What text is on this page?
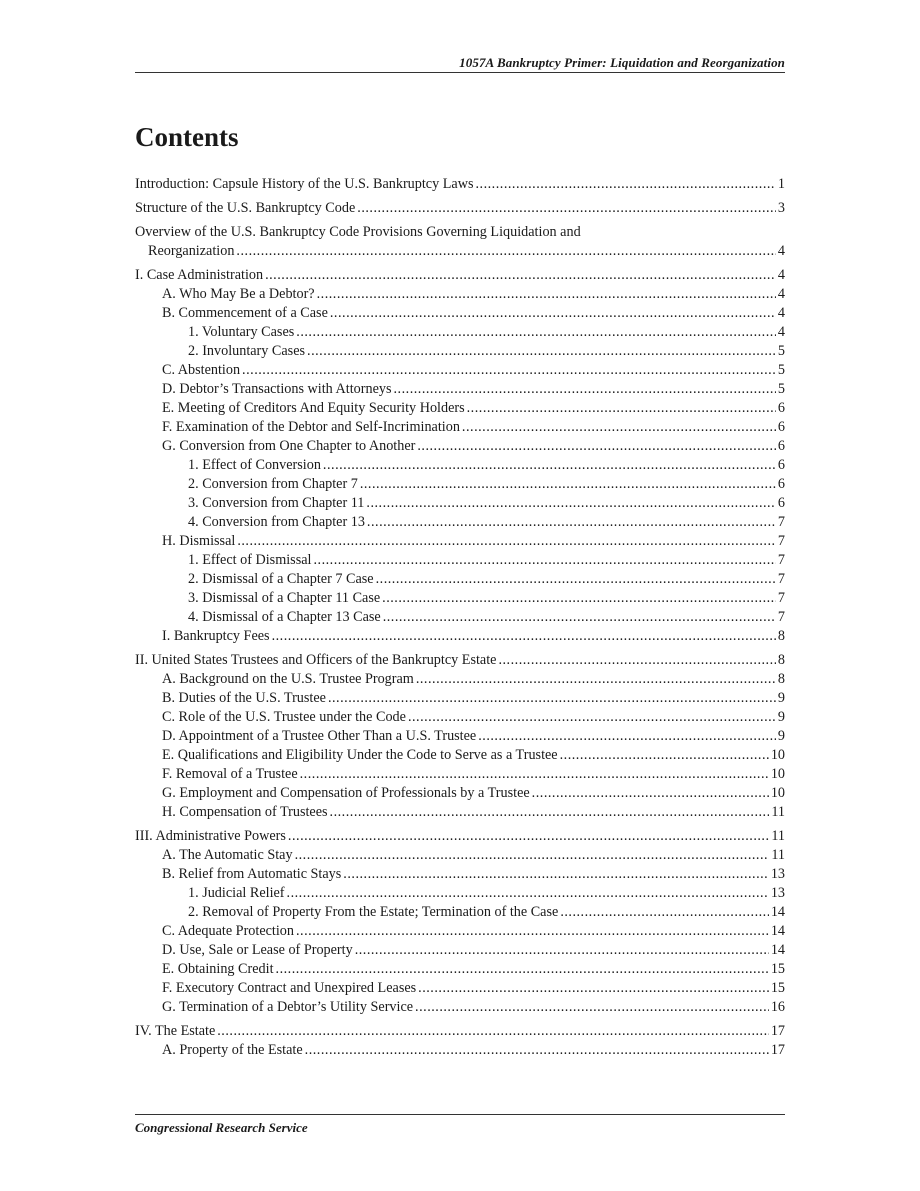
1057A Bankruptcy Primer: Liquidation and Reorganization
Contents
Introduction: Capsule History of the U.S. Bankruptcy Laws .....	1
Structure of the U.S. Bankruptcy Code .....	3
Overview of the U.S. Bankruptcy Code Provisions Governing Liquidation and
Reorganization .....	4
I. Case Administration .....	4
A. Who May Be a Debtor? .....	4
B. Commencement of a Case .....	4
1. Voluntary Cases .....	4
2. Involuntary Cases .....	5
C. Abstention .....	5
D. Debtor’s Transactions with Attorneys .....	5
E. Meeting of Creditors And Equity Security Holders .....	6
F. Examination of the Debtor and Self-Incrimination .....	6
G. Conversion from One Chapter to Another .....	6
1. Effect of Conversion .....	6
2. Conversion from Chapter 7 .....	6
3. Conversion from Chapter 11 .....	6
4. Conversion from Chapter 13 .....	7
H. Dismissal .....	7
1. Effect of Dismissal .....	7
2. Dismissal of a Chapter 7 Case .....	7
3. Dismissal of a Chapter 11 Case .....	7
4. Dismissal of a Chapter 13 Case .....	7
I. Bankruptcy Fees .....	8
II. United States Trustees and Officers of the Bankruptcy Estate .....	8
A. Background on the U.S. Trustee Program .....	8
B. Duties of the U.S. Trustee .....	9
C. Role of the U.S. Trustee under the Code .....	9
D. Appointment of a Trustee Other Than a U.S. Trustee .....	9
E. Qualifications and Eligibility Under the Code to Serve as a Trustee .....	10
F. Removal of a Trustee .....	10
G. Employment and Compensation of Professionals by a Trustee .....	10
H. Compensation of Trustees .....	11
III. Administrative Powers .....	11
A. The Automatic Stay .....	11
B. Relief from Automatic Stays .....	13
1. Judicial Relief .....	13
2. Removal of Property From the Estate; Termination of the Case .....	14
C. Adequate Protection .....	14
D. Use, Sale or Lease of Property .....	14
E. Obtaining Credit .....	15
F. Executory Contract and Unexpired Leases .....	15
G. Termination of a Debtor’s Utility Service .....	16
IV. The Estate .....	17
A. Property of the Estate .....	17
Congressional Research Service
